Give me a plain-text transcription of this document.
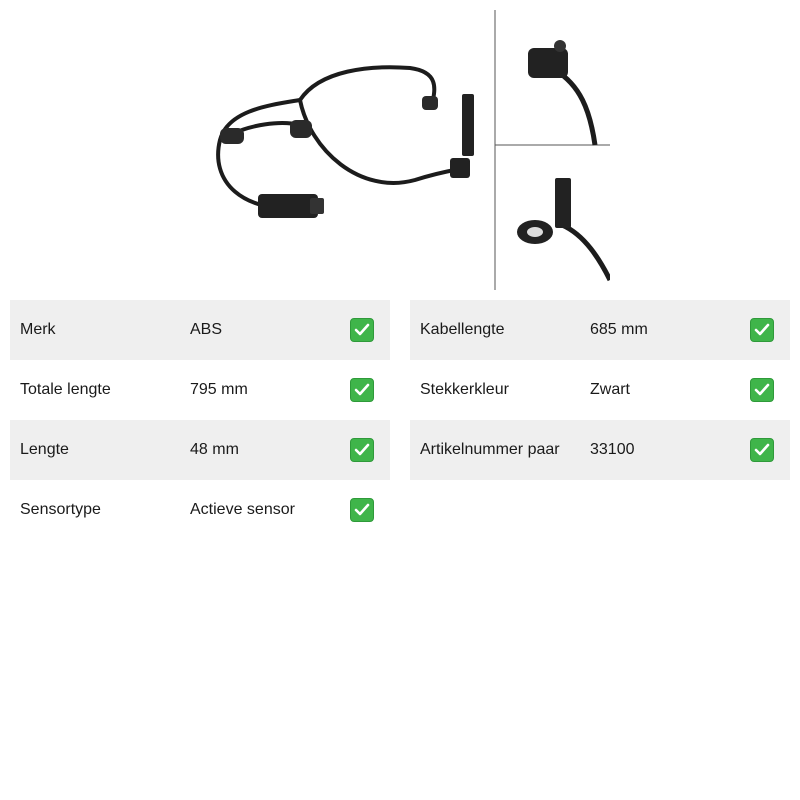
Merk	ABS
Totale lengte	795 mm
Lengte	48 mm
Sensortype	Actieve sensor
Kabellengte	685 mm
Stekkerkleur	Zwart
Artikelnummer paar 33100
